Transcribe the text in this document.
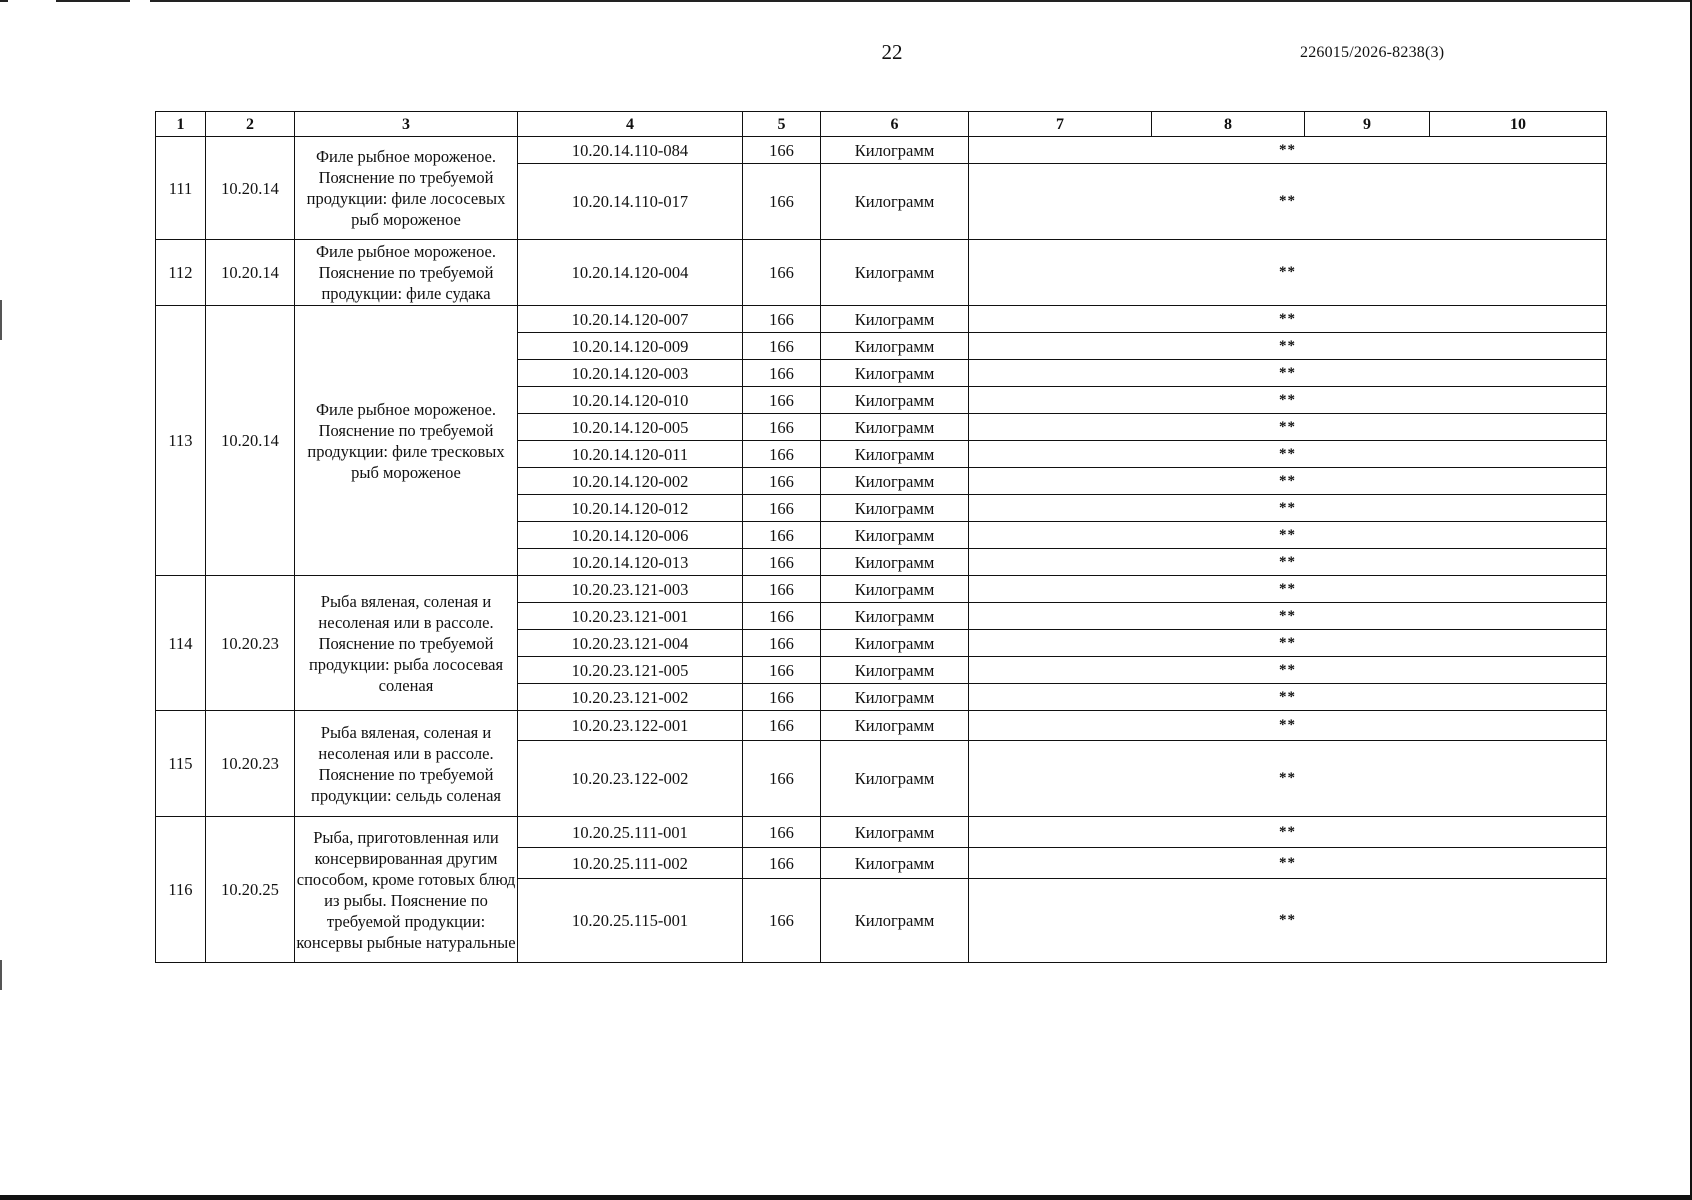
22	226015/2026-8238(3)
1	2	3	4	5	6	7	8	9	10
111	10.20.14	Филе рыбное мороженое. Пояснение по требуемой продукции: филе лососевых рыб мороженое	10.20.14.110-084	166	Килограмм	**			
			10.20.14.110-017	166	Килограмм	**			
112	10.20.14	Филе рыбное мороженое. Пояснение по требуемой продукции: филе судака	10.20.14.120-004	166	Килограмм	**			
113	10.20.14	Филе рыбное мороженое. Пояснение по требуемой продукции: филе тресковых рыб мороженое	10.20.14.120-007	166	Килограмм	**			
			10.20.14.120-009	166	Килограмм	**			
			10.20.14.120-003	166	Килограмм	**			
			10.20.14.120-010	166	Килограмм	**			
			10.20.14.120-005	166	Килограмм	**			
			10.20.14.120-011	166	Килограмм	**			
			10.20.14.120-002	166	Килограмм	**			
			10.20.14.120-012	166	Килограмм	**			
			10.20.14.120-006	166	Килограмм	**			
			10.20.14.120-013	166	Килограмм	**			
114	10.20.23	Рыба вяленая, соленая и несоленая или в рассоле. Пояснение по требуемой продукции: рыба лососевая соленая	10.20.23.121-003	166	Килограмм	**			
			10.20.23.121-001	166	Килограмм	**			
			10.20.23.121-004	166	Килограмм	**			
			10.20.23.121-005	166	Килограмм	**			
			10.20.23.121-002	166	Килограмм	**			
115	10.20.23	Рыба вяленая, соленая и несоленая или в рассоле. Пояснение по требуемой продукции: сельдь соленая	10.20.23.122-001	166	Килограмм	**			
			10.20.23.122-002	166	Килограмм	**			
116	10.20.25	Рыба, приготовленная или консервированная другим способом, кроме готовых блюд из рыбы. Пояснение по требуемой продукции: консервы рыбные натуральные	10.20.25.111-001	166	Килограмм	**			
			10.20.25.111-002	166	Килограмм	**			
			10.20.25.115-001	166	Килограмм	**			
